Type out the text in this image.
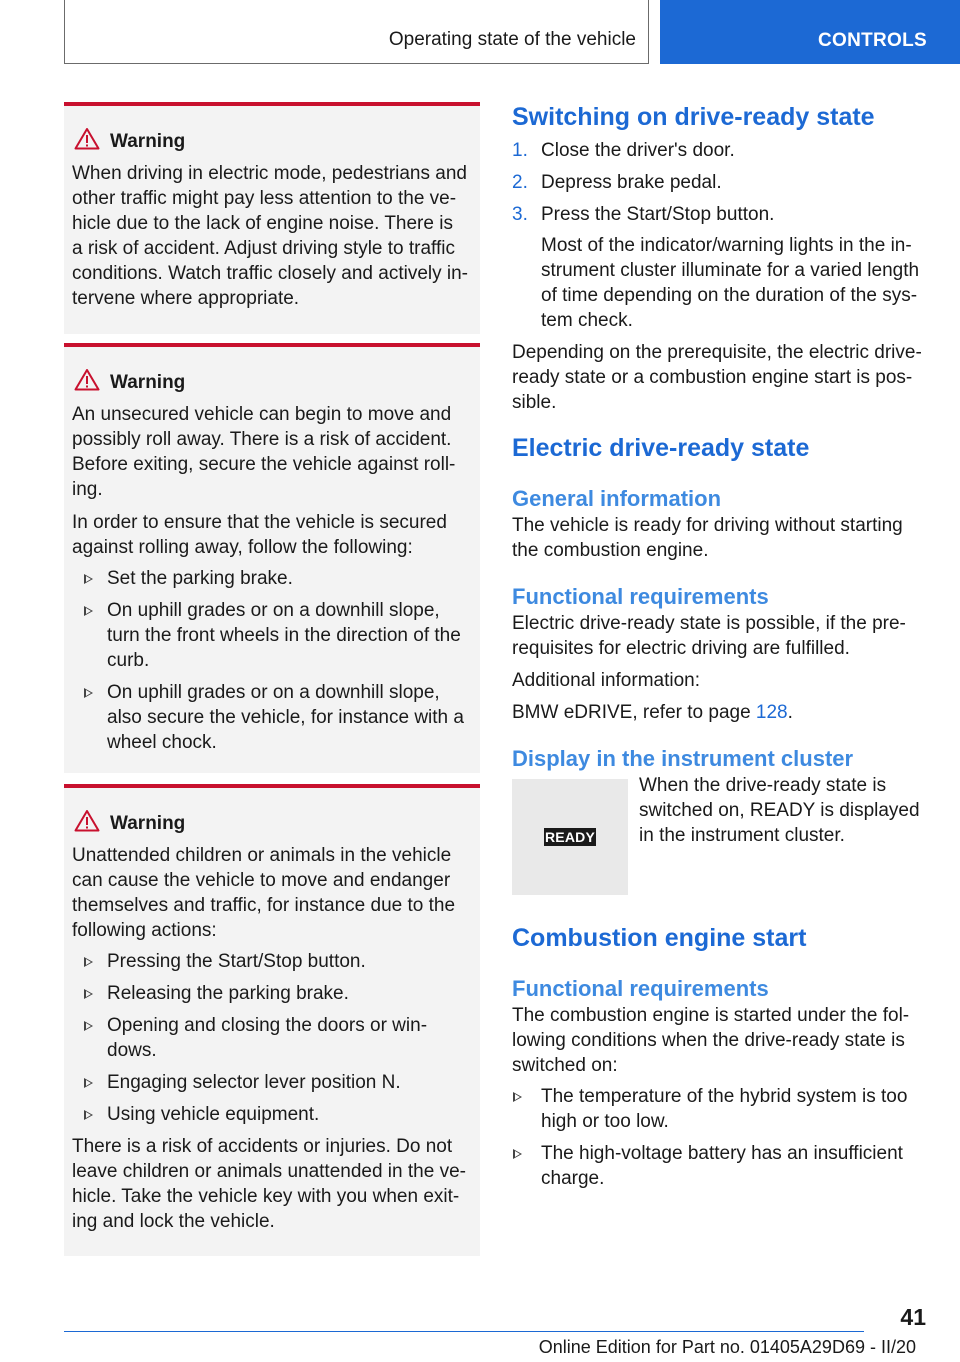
Operating state of the vehicle	CONTROLS
Warning

When driving in electric mode, pedestrians and other traffic might pay less attention to the ve-hicle due to the lack of engine noise. There is a risk of accident. Adjust driving style to traffic conditions. Watch traffic closely and actively in-tervene where appropriate.

Warning

An unsecured vehicle can begin to move and possibly roll away. There is a risk of accident. Before exiting, secure the vehicle against roll-ing.

In order to ensure that the vehicle is secured against rolling away, follow the following:

Set the parking brake.
On uphill grades or on a downhill slope, turn the front wheels in the direction of the curb.
On uphill grades or on a downhill slope, also secure the vehicle, for instance with a wheel chock.
Warning

Unattended children or animals in the vehicle can cause the vehicle to move and endanger themselves and traffic, for instance due to the following actions:

Pressing the Start/Stop button.
Releasing the parking brake.
Opening and closing the doors or win-dows.
Engaging selector lever position N.
Using vehicle equipment.

There is a risk of accidents or injuries. Do not leave children or animals unattended in the ve-hicle. Take the vehicle key with you when exit-ing and lock the vehicle.

Switching on drive-ready state
1. Close the driver's door.
2. Depress brake pedal.
3. Press the Start/Stop button.
Most of the indicator/warning lights in the in-strument cluster illuminate for a varied length of time depending on the duration of the sys-tem check.

Depending on the prerequisite, the electric drive-ready state or a combustion engine start is pos-sible.

Electric drive-ready state
General information

The vehicle is ready for driving without starting the combustion engine.

Functional requirements

Electric drive-ready state is possible, if the pre-requisites for electric driving are fulfilled.

Additional information:

BMW eDRIVE, refer to page 128.

Display in the instrument cluster
READY

When the drive-ready state is switched on, READY is displayed in the instrument cluster.

Combustion engine start
Functional requirements

The combustion engine is started under the fol-lowing conditions when the drive-ready state is switched on:

The temperature of the hybrid system is too high or too low.
The high-voltage battery has an insufficient charge.
41
Online Edition for Part no. 01405A29D69 - II/20
